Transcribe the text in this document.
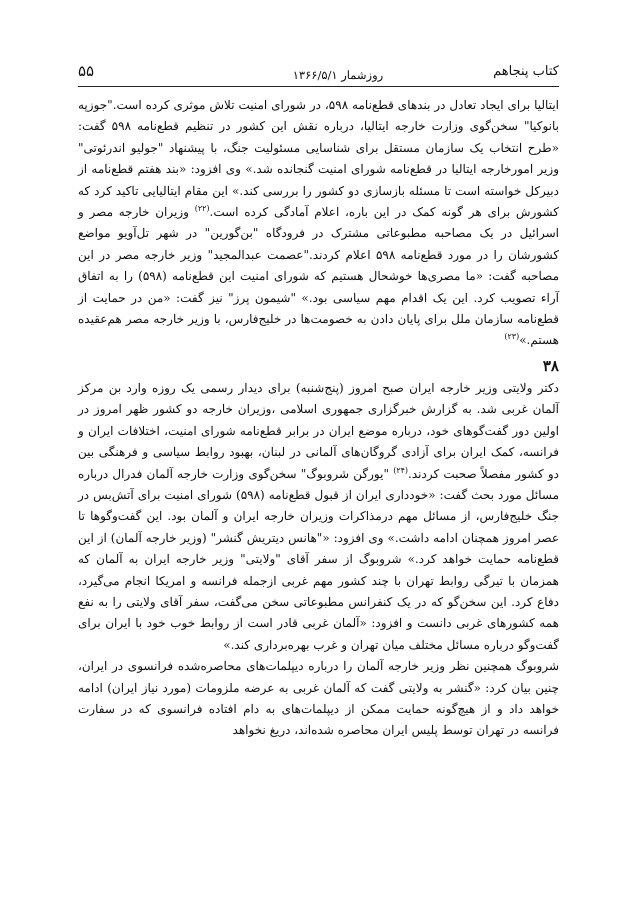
کتاب پنجاهم
روزشمار ۱۳۶۶/۵/۱
۵۵

ایتالیا برای ایجاد تعادل در بندهای قطع‌نامه ۵۹۸، در شورای امنیت تلاش موثری کرده است."جوزپه بانوکیا" سخن‌گوی وزارت خارجه ایتالیا، درباره نقش این کشور در تنظیم قطع‌نامه ۵۹۸ گفت: «طرح انتخاب یک سازمان مستقل برای شناسایی مسئولیت جنگ، با پیشنهاد "جولیو اندرئوتی" وزیر امورخارجه ایتالیا در قطع‌نامه شورای امنیت گنجانده شد.» وی افزود: «بند هفتم قطع‌نامه از دبیرکل خواسته است تا مسئله بازسازی دو کشور را بررسی کند.» این مقام ایتالیایی تاکید کرد که کشورش برای هر گونه کمک در این باره، اعلام آمادگی کرده است.$^{(۲۲)}$ وزیران خارجه مصر و اسرائیل در یک مصاحبه مطبوعاتی مشترک در فرودگاه "بن‌گورین" در شهر تل‌آویو مواضع کشورشان را در مورد قطع‌نامه ۵۹۸ اعلام کردند."عصمت عبدالمجید" وزیر خارجه مصر در این مصاحبه گفت: «ما مصری‌ها خوشحال هستیم که شورای امنیت این قطع‌نامه (۵۹۸) را به اتفاق آراء تصویب کرد. این یک اقدام مهم سیاسی بود.» "شیمون پرز" نیز گفت: «من در حمایت از قطع‌نامه سازمان ملل برای پایان دادن به خصومت‌ها در خلیج‌فارس، با وزیر خارجه مصر هم‌عقیده هستم.»$^{(۲۳)}$

۳۸

دکتر ولایتی وزیر خارجه ایران صبح امروز (پنج‌شنبه) برای دیدار رسمی یک روزه وارد بن مرکز آلمان غربی شد. به گزارش خبرگزاری جمهوری اسلامی ،وزیران خارجه دو کشور ظهر امروز در اولین دور گفت‌گوهای خود، درباره موضع ایران در برابر قطع‌نامه شورای امنیت، اختلافات ایران و فرانسه، کمک ایران برای آزادی گروگان‌های آلمانی در لبنان، بهبود روابط سیاسی و فرهنگی بین دو کشور مفصلاً صحبت کردند.$^{(۲۴)}$ "یورگن شروبوگ" سخن‌گوی وزارت خارجه آلمان فدرال درباره مسائل مورد بحث گفت: «خودداری ایران از قبول قطع‌نامه (۵۹۸) شورای امنیت برای آتش‌بس در جنگ خلیج‌فارس، از مسائل مهم درمذاکرات وزیران خارجه ایران و آلمان بود. این گفت‌وگوها تا عصر امروز همچنان ادامه داشت.» وی افزود: «"هانس دیتریش گنشر" (وزیر خارجه آلمان) از این قطع‌نامه حمایت خواهد کرد.» شروبوگ از سفر آقای "ولایتی" وزیر خارجه ایران به آلمان که همزمان با تیرگی روابط تهران با چند کشور مهم غربی ازجمله فرانسه و امریکا انجام می‌گیرد، دفاع کرد. این سخن‌گو که در یک کنفرانس مطبوعاتی سخن می‌گفت، سفر آقای ولایتی را به نفع همه کشورهای غربی دانست و افزود: «آلمان غربی قادر است از روابط خوب خود با ایران برای گفت‌وگو درباره مسائل مختلف میان تهران و غرب بهره‌برداری کند.»

شروبوگ همچنین نظر وزیر خارجه آلمان را درباره دیپلمات‌های محاصره‌شده فرانسوی در ایران، چنین بیان کرد: «گنشر به ولایتی گفت که آلمان غربی به عرضه ملزومات (مورد نیاز ایران) ادامه خواهد داد و از هیچ‌گونه حمایت ممکن از دیپلمات‌های به دام افتاده فرانسوی که در سفارت فرانسه در تهران توسط پلیس ایران محاصره شده‌اند، دریغ نخواهد
